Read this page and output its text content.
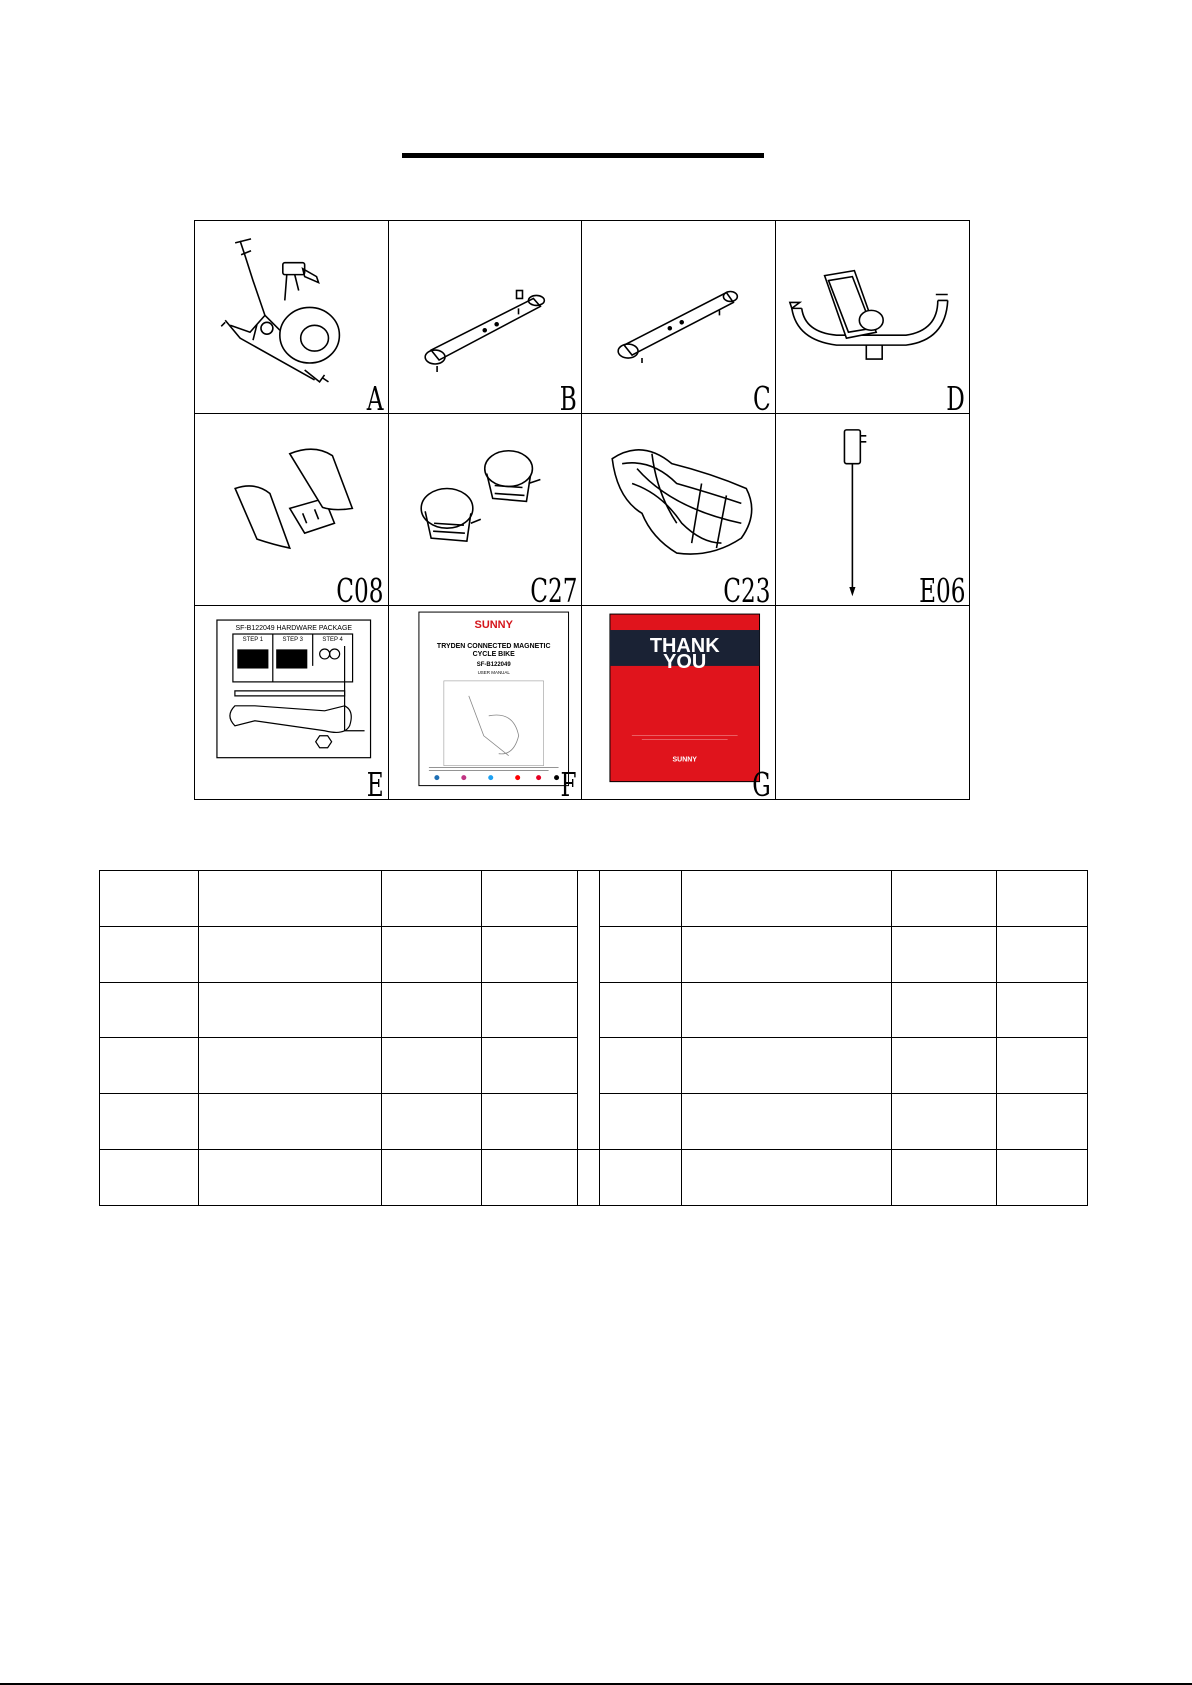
A	B	C	D
C08	C27	C23	E06
SF-B122049 HARDWARE PACKAGE
STEP 1	STEP 3	STEP 4
E
SUNNY
TRYDEN CONNECTED MAGNETIC
CYCLE BIKE
SF-B122049
USER MANUAL
F
THANK
YOU
SUNNY
G
